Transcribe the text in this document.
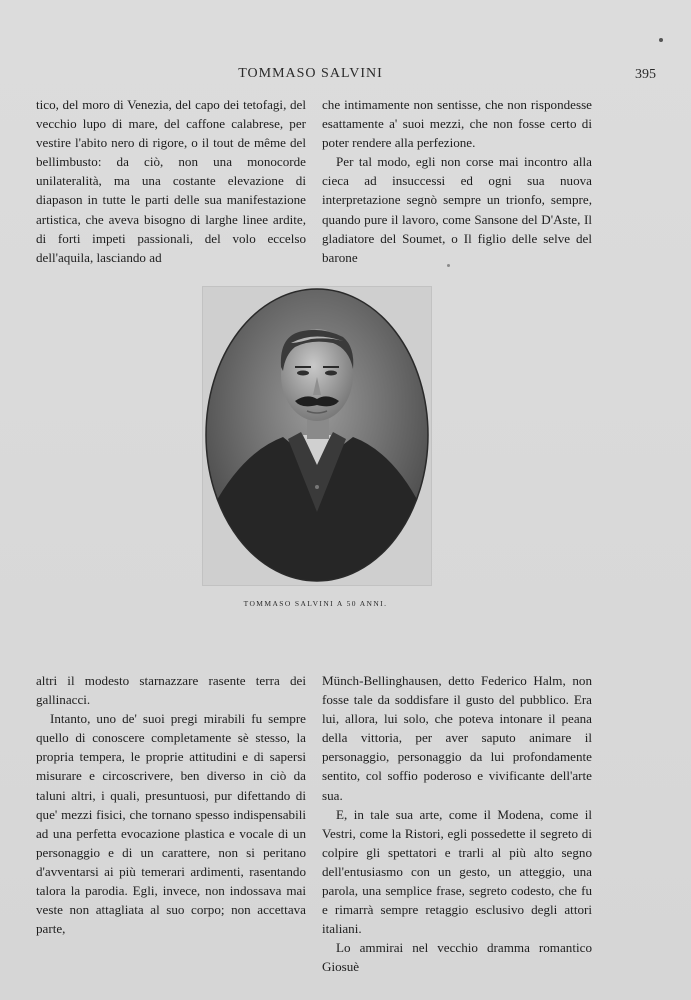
TOMMASO SALVINI	395

tico, del moro di Venezia, del capo dei tetofagi, del vecchio lupo di mare, del caffone calabrese, per vestire l'abito nero di rigore, o il tout de même del bellimbusto: da ciò, non una monocorde unilateralità, ma una costante elevazione di diapason in tutte le parti delle sua manifestazione artistica, che aveva bisogno di larghe linee ardite, di forti impeti passionali, del volo eccelso dell'aquila, lasciando ad

che intimamente non sentisse, che non rispondesse esattamente a' suoi mezzi, che non fosse certo di poter rendere alla perfezione.

Per tal modo, egli non corse mai incontro alla cieca ad insuccessi ed ogni sua nuova interpretazione segnò sempre un trionfo, sempre, quando pure il lavoro, come Sansone del D'Aste, Il gladiatore del Soumet, o Il figlio delle selve del barone

TOMMASO SALVINI A 50 ANNI.

altri il modesto starnazzare rasente terra dei gallinacci.

Intanto, uno de' suoi pregi mirabili fu sempre quello di conoscere completamente sè stesso, la propria tempera, le proprie attitudini e di sapersi misurare e circoscrivere, ben diverso in ciò da taluni altri, i quali, presuntuosi, pur difettando di que' mezzi fisici, che tornano spesso indispensabili ad una perfetta evocazione plastica e vocale di un personaggio e di un carattere, non si peritano d'avventarsi ai più temerari ardimenti, rasentando talora la parodia. Egli, invece, non indossava mai veste non attagliata al suo corpo; non accettava parte,

Münch-Bellinghausen, detto Federico Halm, non fosse tale da soddisfare il gusto del pubblico. Era lui, allora, lui solo, che poteva intonare il peana della vittoria, per aver saputo animare il personaggio, personaggio da lui profondamente sentito, col soffio poderoso e vivificante dell'arte sua.

E, in tale sua arte, come il Modena, come il Vestri, come la Ristori, egli possedette il segreto di colpire gli spettatori e trarli al più alto segno dell'entusiasmo con un gesto, un atteggio, una parola, una semplice frase, segreto codesto, che fu e rimarrà sempre retaggio esclusivo degli attori italiani.

Lo ammirai nel vecchio dramma romantico Giosuè
